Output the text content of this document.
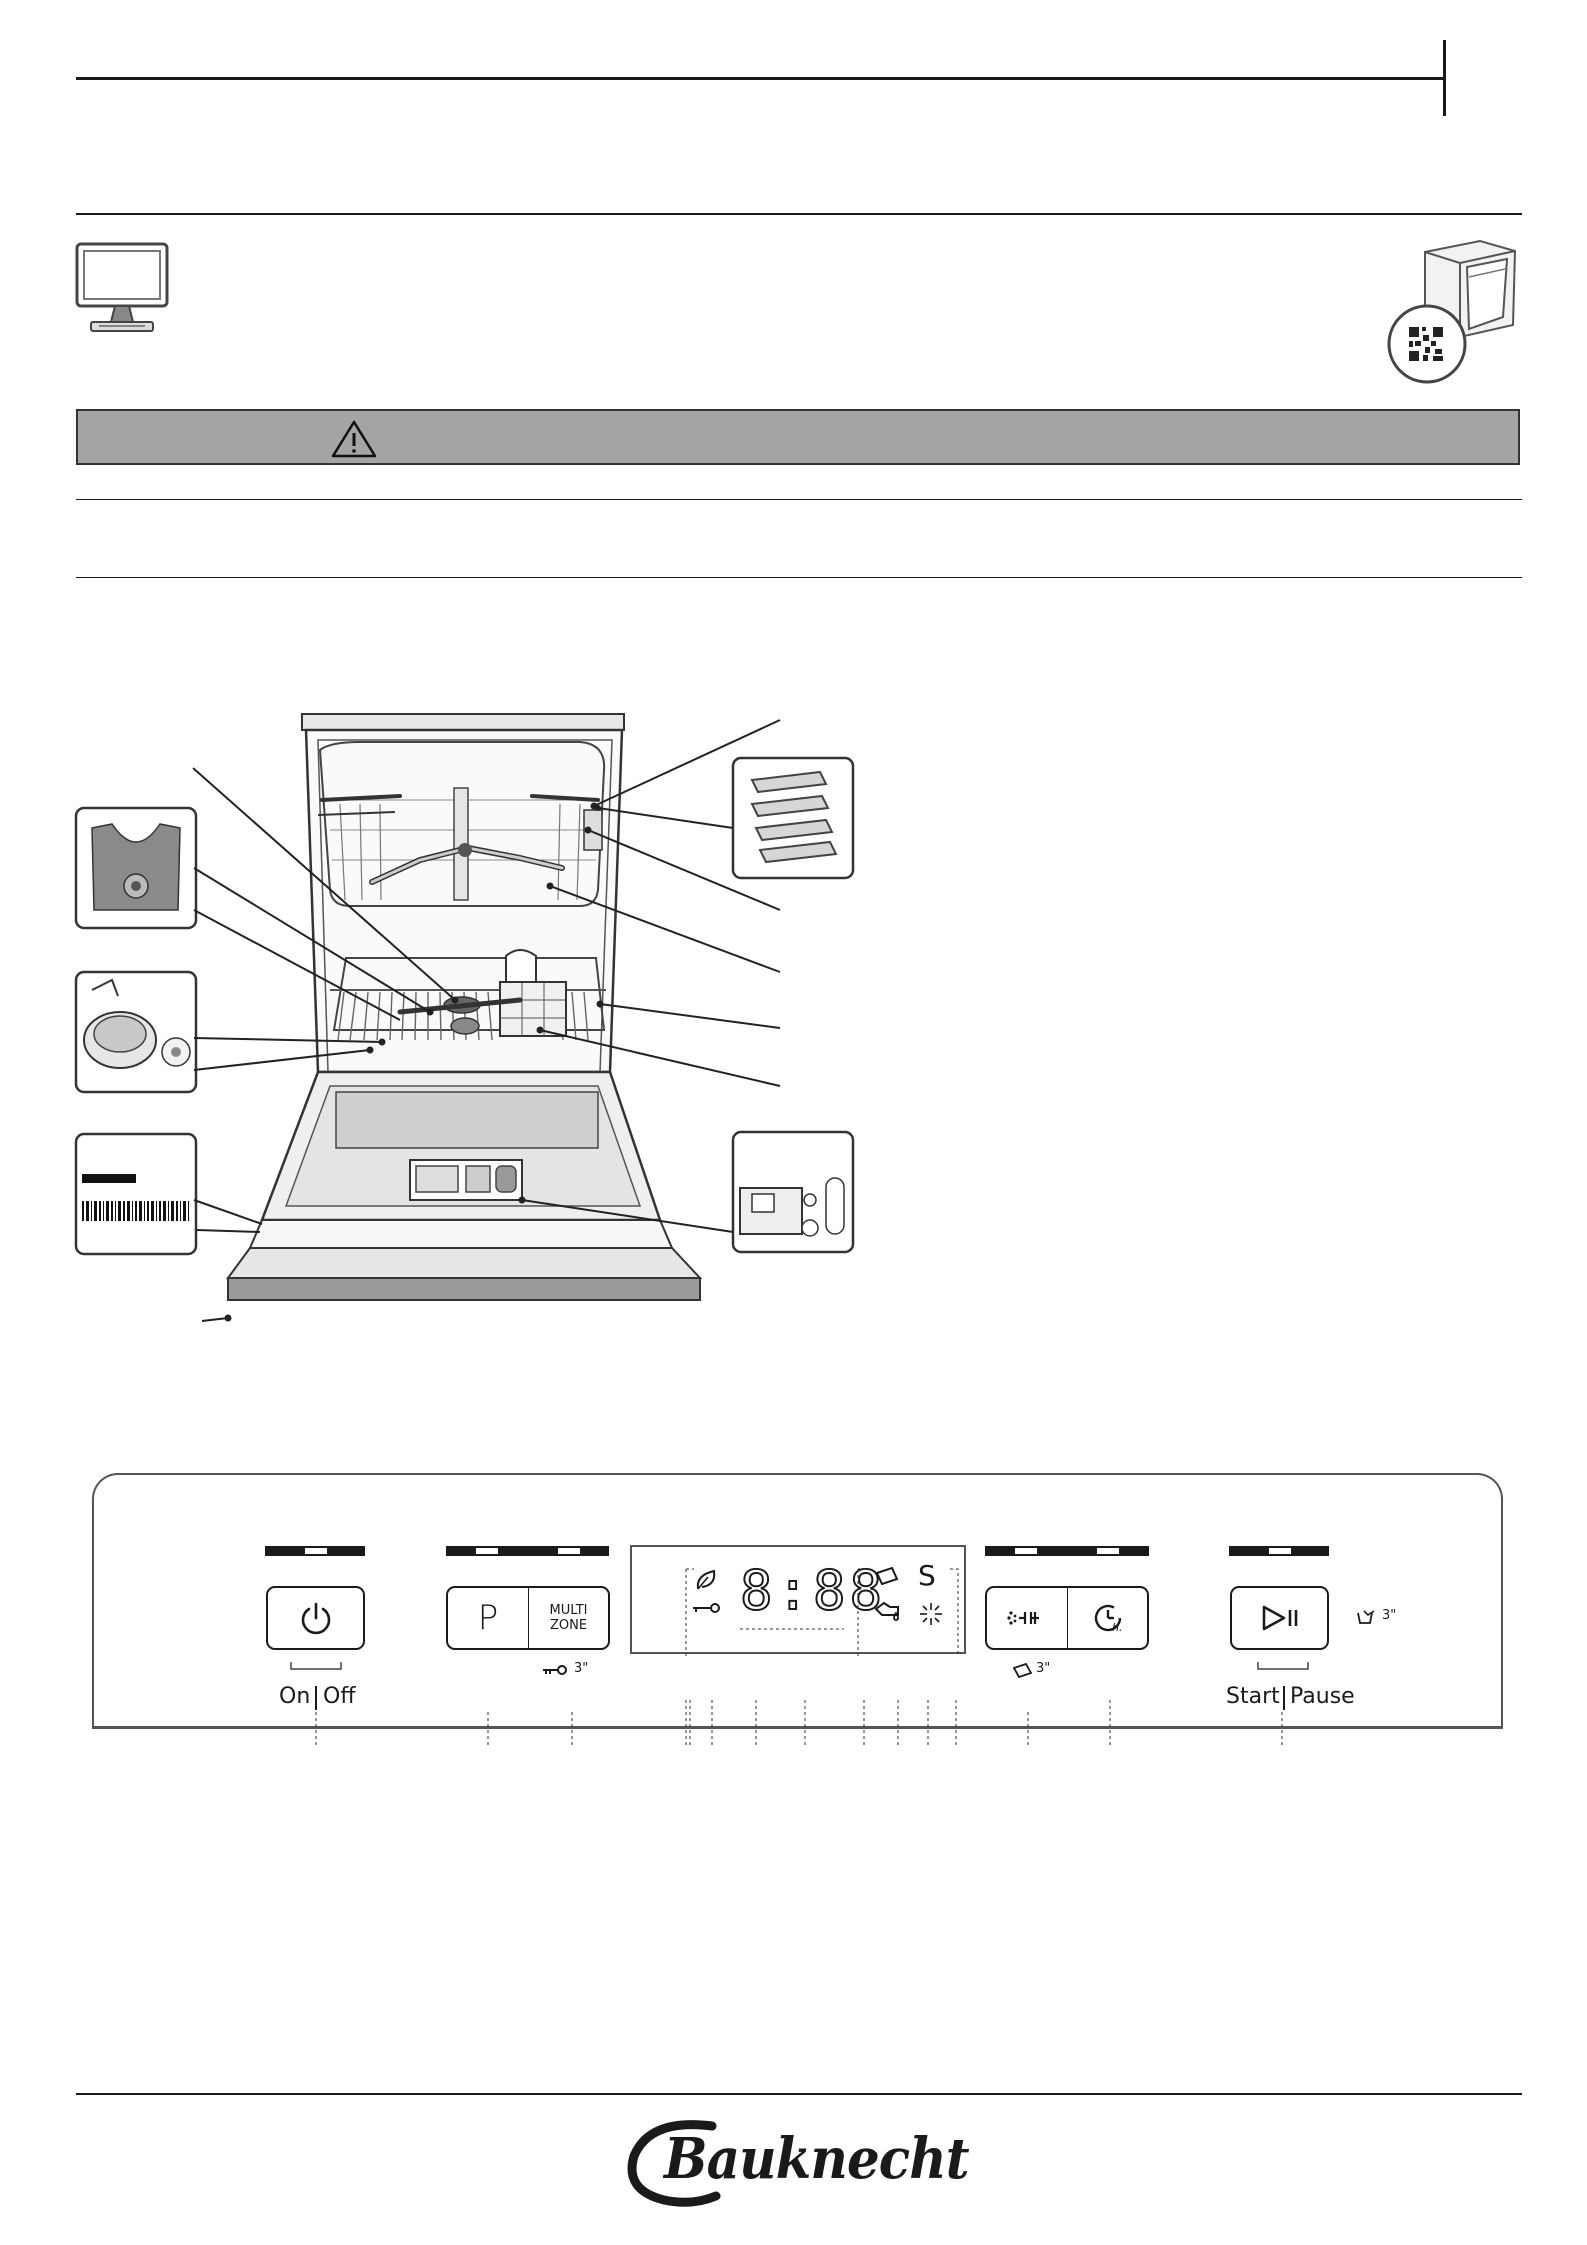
On Off
P	MULTI
ZONE
3"
8:88 S
h.
3"
3"
Start Pause
Bauknecht
